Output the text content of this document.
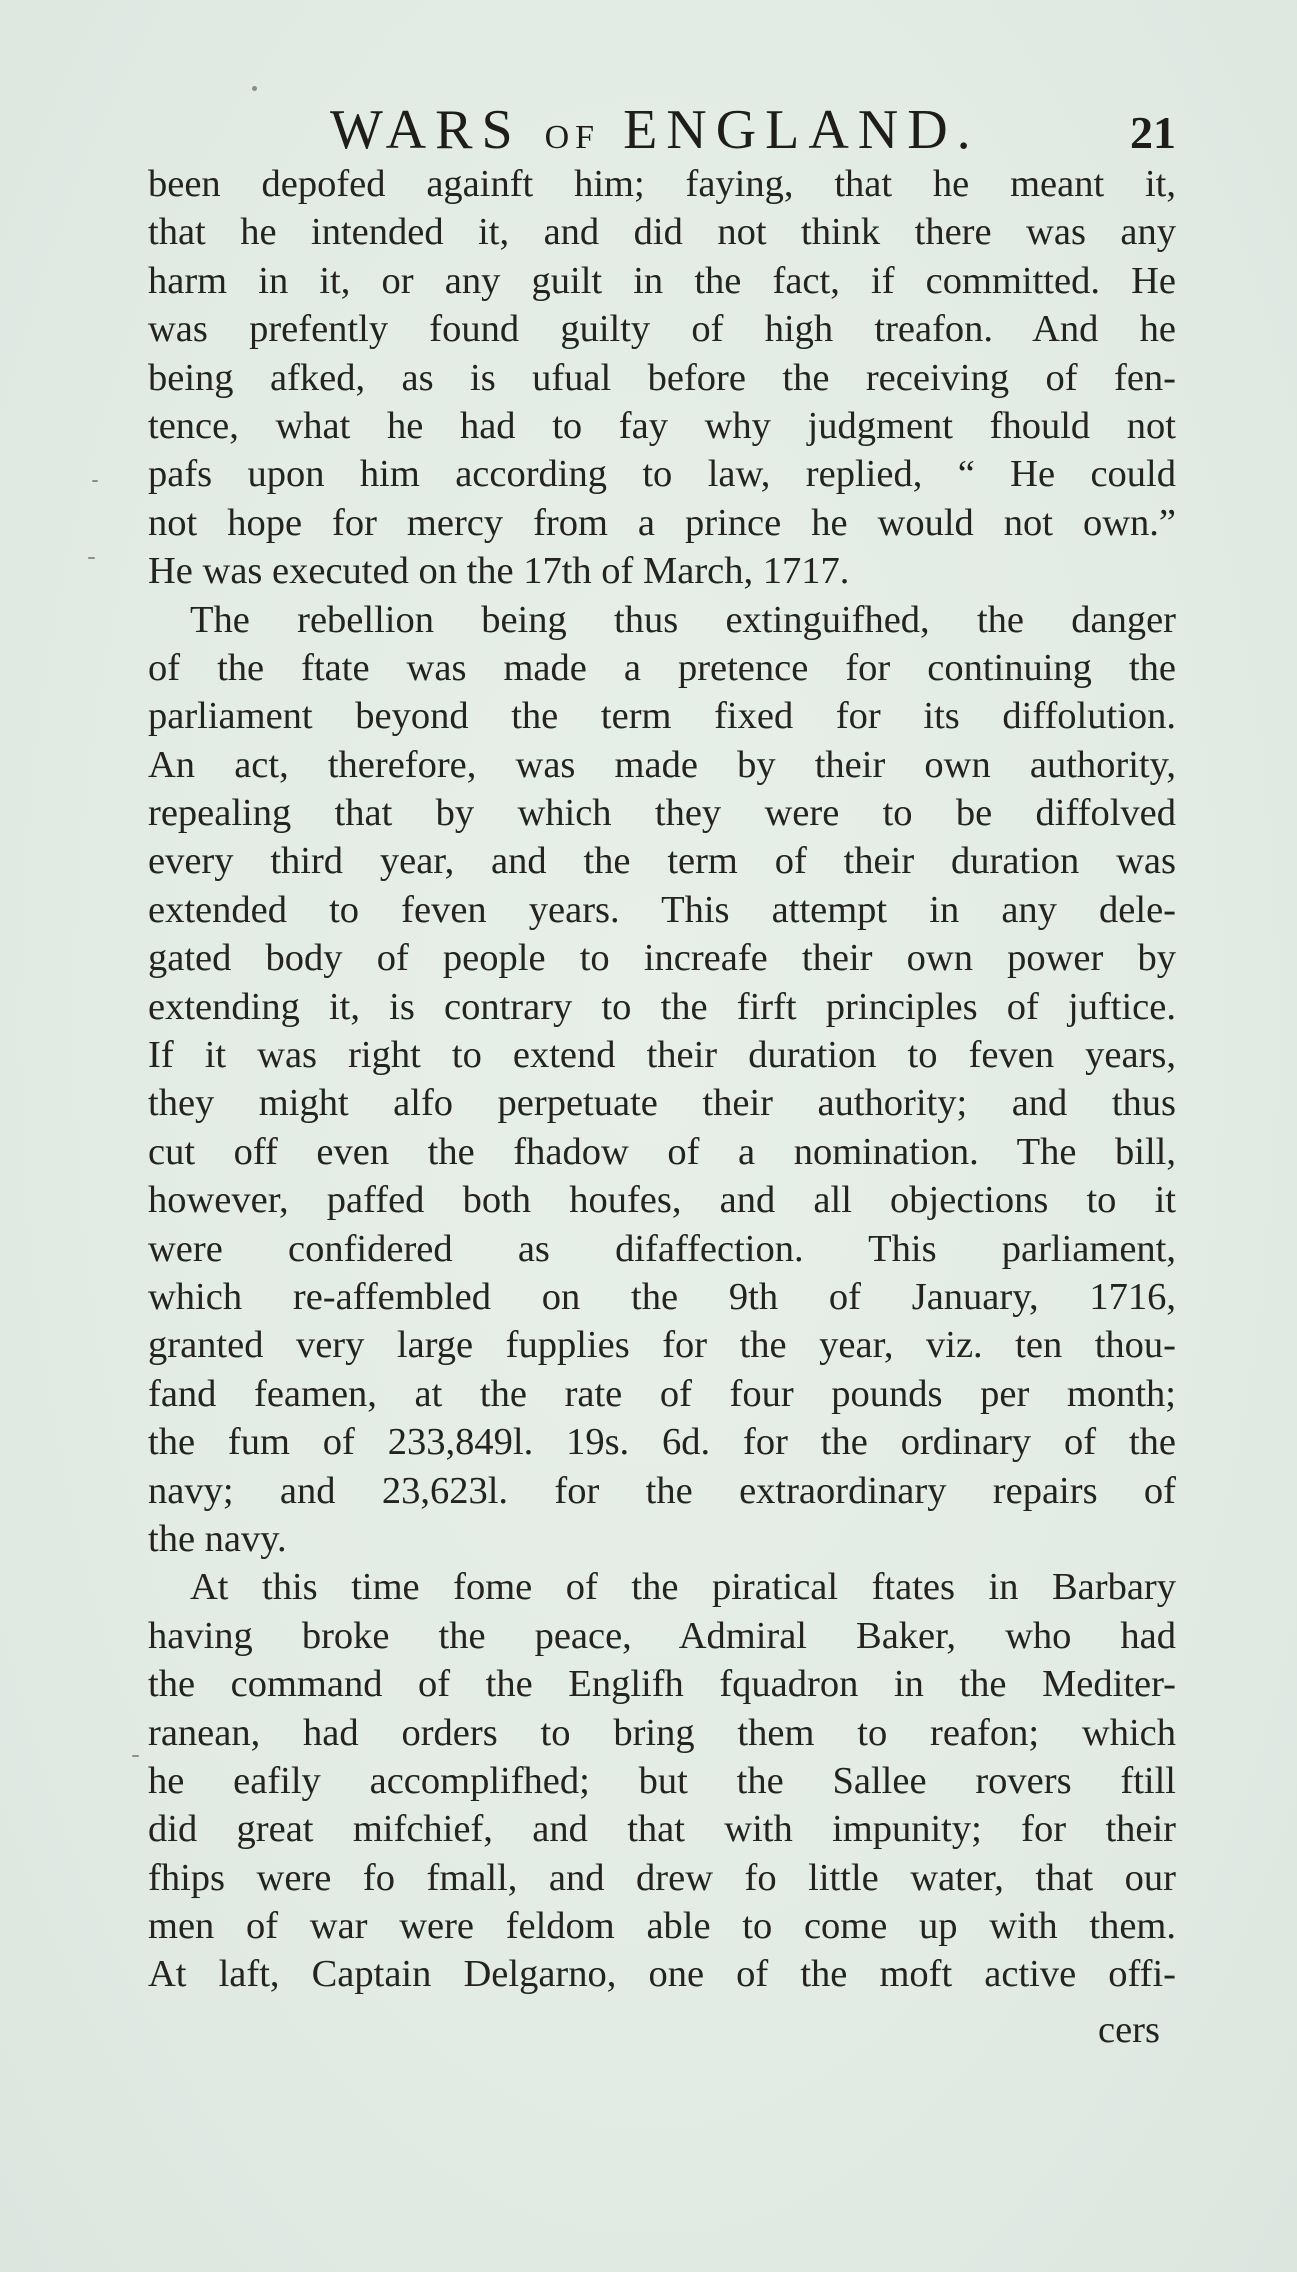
WARS OF ENGLAND.	21
been depofed againft him; faying, that he meant it,
that he intended it, and did not think there was any
harm in it, or any guilt in the fact, if committed. He
was prefently found guilty of high treafon. And he
being afked, as is ufual before the receiving of fen-
tence, what he had to fay why judgment fhould not
pafs upon him according to law, replied, “ He could
not hope for mercy from a prince he would not own.”
He was executed on the 17th of March, 1717.
The rebellion being thus extinguifhed, the danger
of the ftate was made a pretence for continuing the
parliament beyond the term fixed for its diffolution.
An act, therefore, was made by their own authority,
repealing that by which they were to be diffolved
every third year, and the term of their duration was
extended to feven years. This attempt in any dele-
gated body of people to increafe their own power by
extending it, is contrary to the firft principles of juftice.
If it was right to extend their duration to feven years,
they might alfo perpetuate their authority; and thus
cut off even the fhadow of a nomination. The bill,
however, paffed both houfes, and all objections to it
were confidered as difaffection. This parliament,
which re-affembled on the 9th of January, 1716,
granted very large fupplies for the year, viz. ten thou-
fand feamen, at the rate of four pounds per month;
the fum of 233,849l. 19s. 6d. for the ordinary of the
navy; and 23,623l. for the extraordinary repairs of
the navy.
At this time fome of the piratical ftates in Barbary
having broke the peace, Admiral Baker, who had
the command of the Englifh fquadron in the Mediter-
ranean, had orders to bring them to reafon; which
he eafily accomplifhed; but the Sallee rovers ftill
did great mifchief, and that with impunity; for their
fhips were fo fmall, and drew fo little water, that our
men of war were feldom able to come up with them.
At laft, Captain Delgarno, one of the moft active offi-
cers
